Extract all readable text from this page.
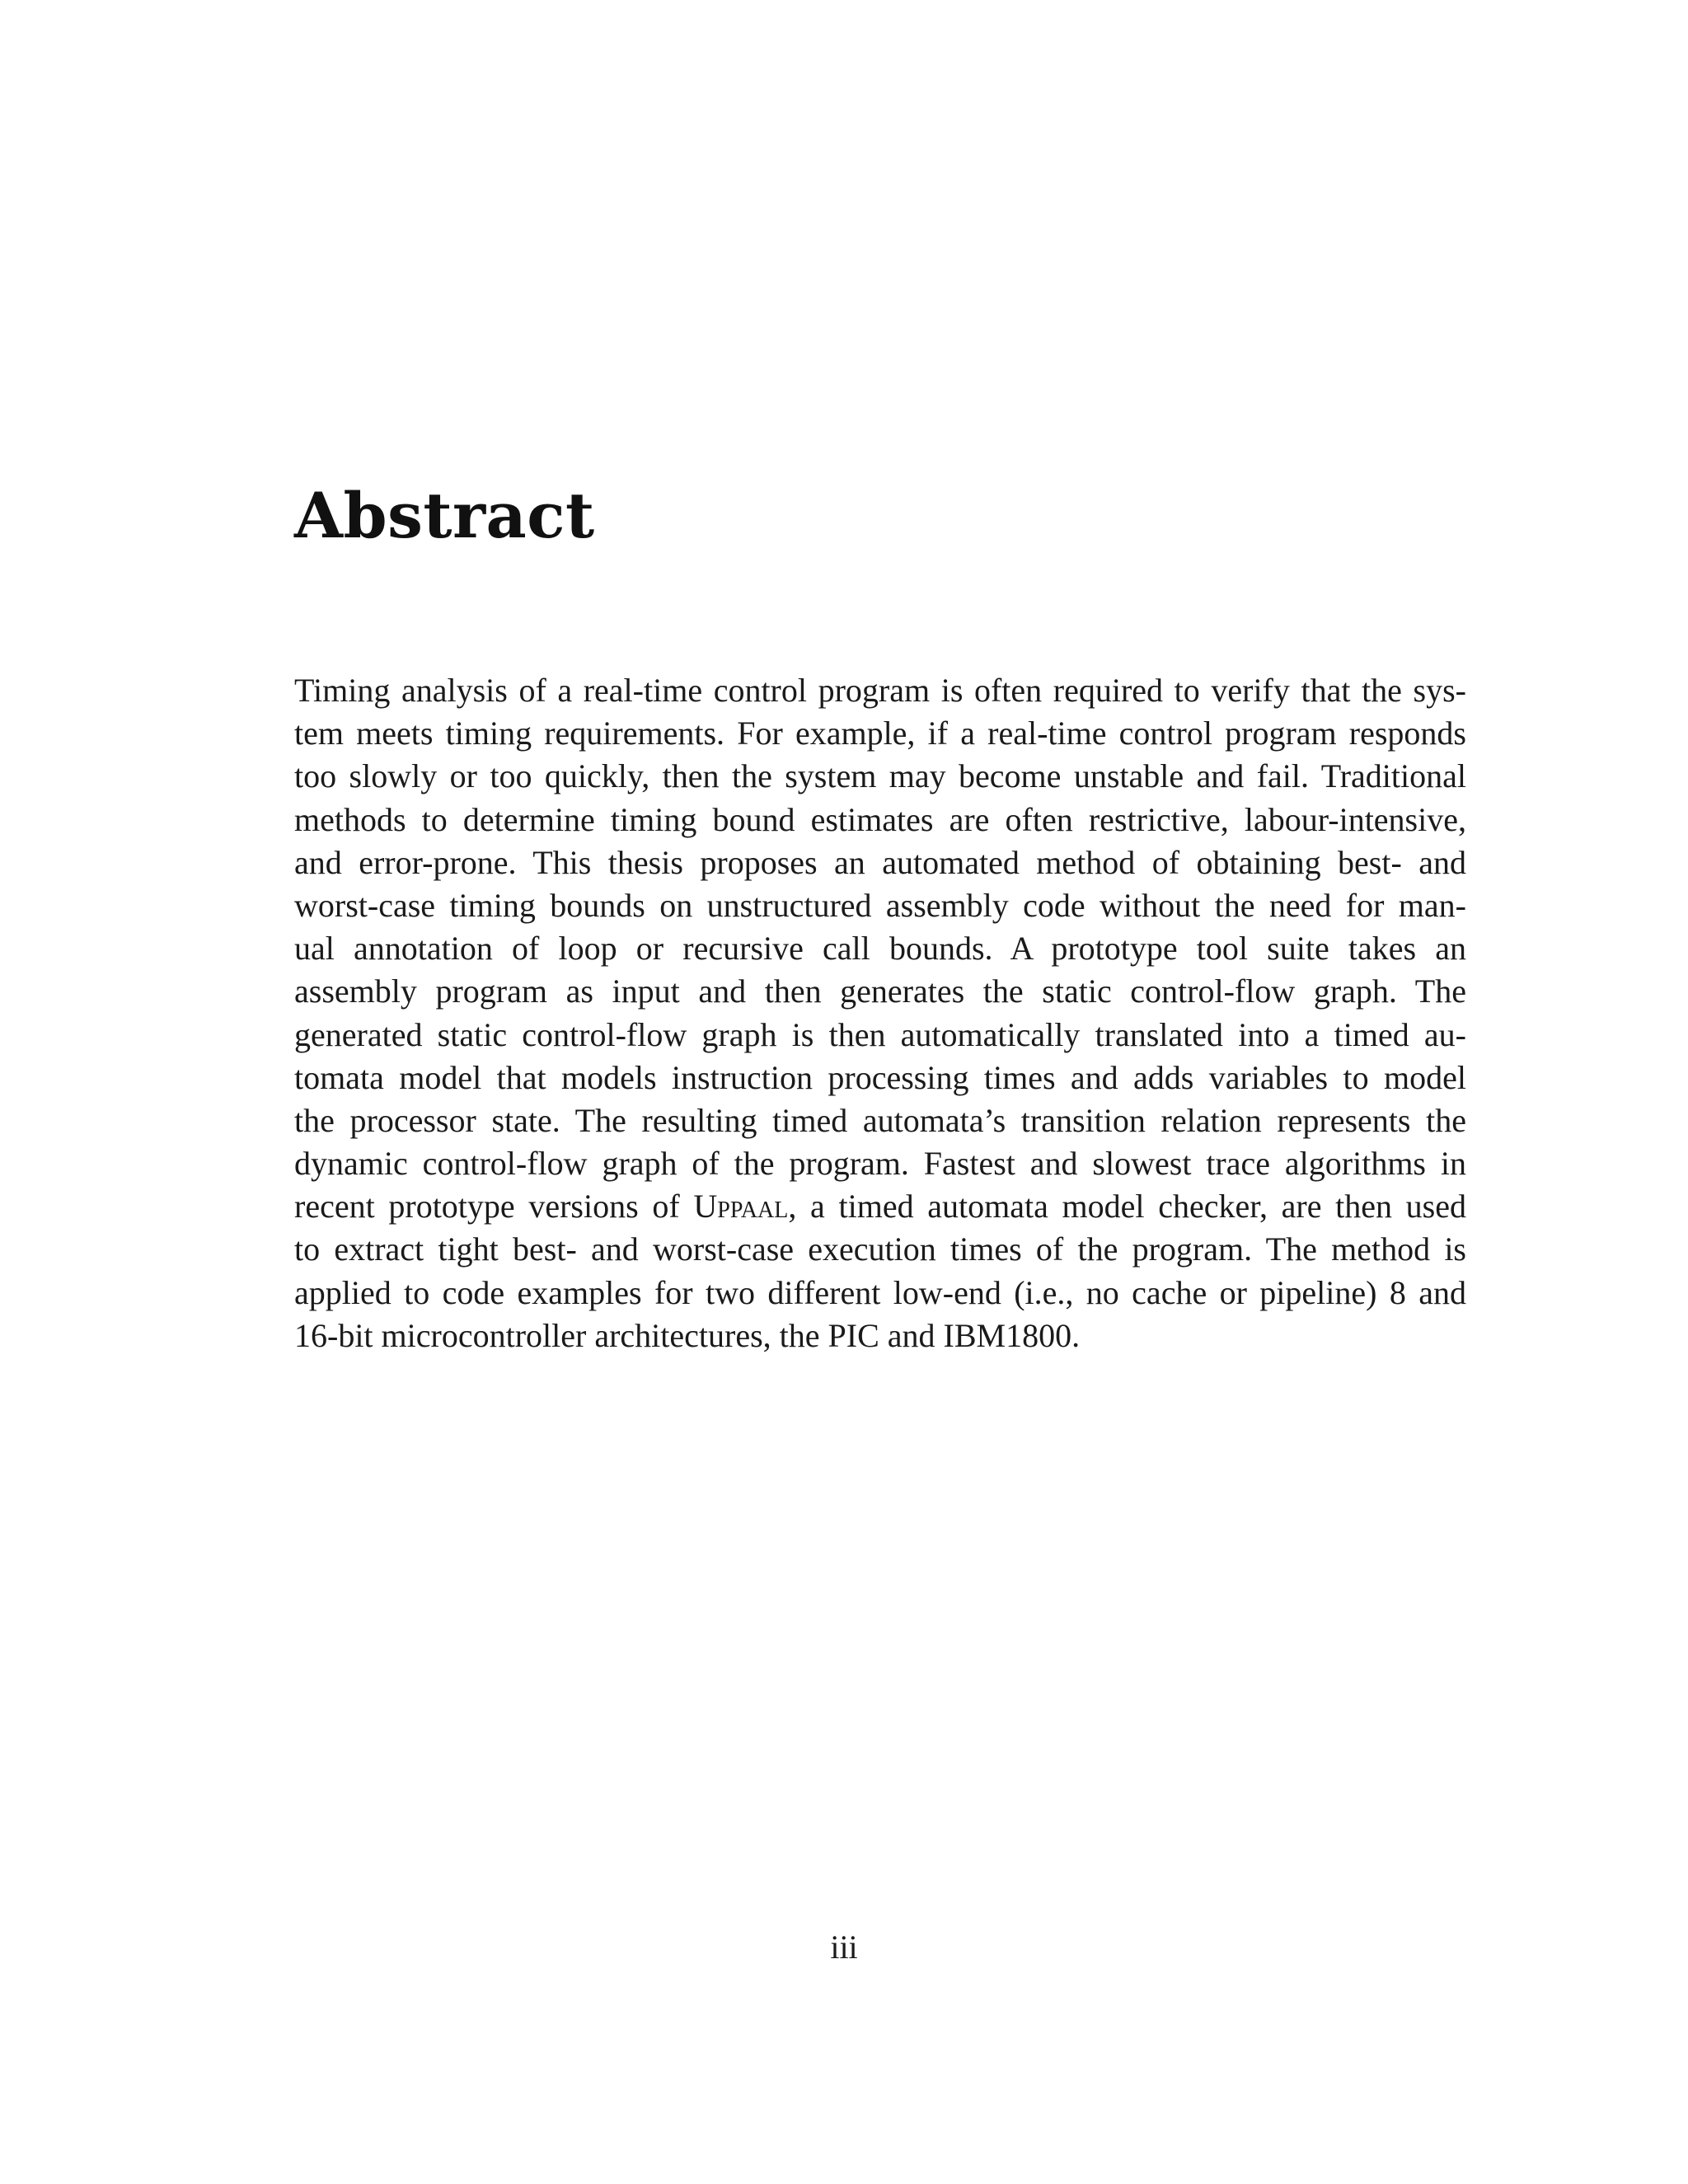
Abstract
Timing analysis of a real-time control program is often required to verify that the sys-
tem meets timing requirements. For example, if a real-time control program responds
too slowly or too quickly, then the system may become unstable and fail. Traditional
methods to determine timing bound estimates are often restrictive, labour-intensive,
and error-prone. This thesis proposes an automated method of obtaining best- and
worst-case timing bounds on unstructured assembly code without the need for man-
ual annotation of loop or recursive call bounds. A prototype tool suite takes an
assembly program as input and then generates the static control-flow graph. The
generated static control-flow graph is then automatically translated into a timed au-
tomata model that models instruction processing times and adds variables to model
the processor state. The resulting timed automata’s transition relation represents the
dynamic control-flow graph of the program. Fastest and slowest trace algorithms in
recent prototype versions of Uppaal, a timed automata model checker, are then used
to extract tight best- and worst-case execution times of the program. The method is
applied to code examples for two different low-end (i.e., no cache or pipeline) 8 and
16-bit microcontroller architectures, the PIC and IBM1800.
iii
